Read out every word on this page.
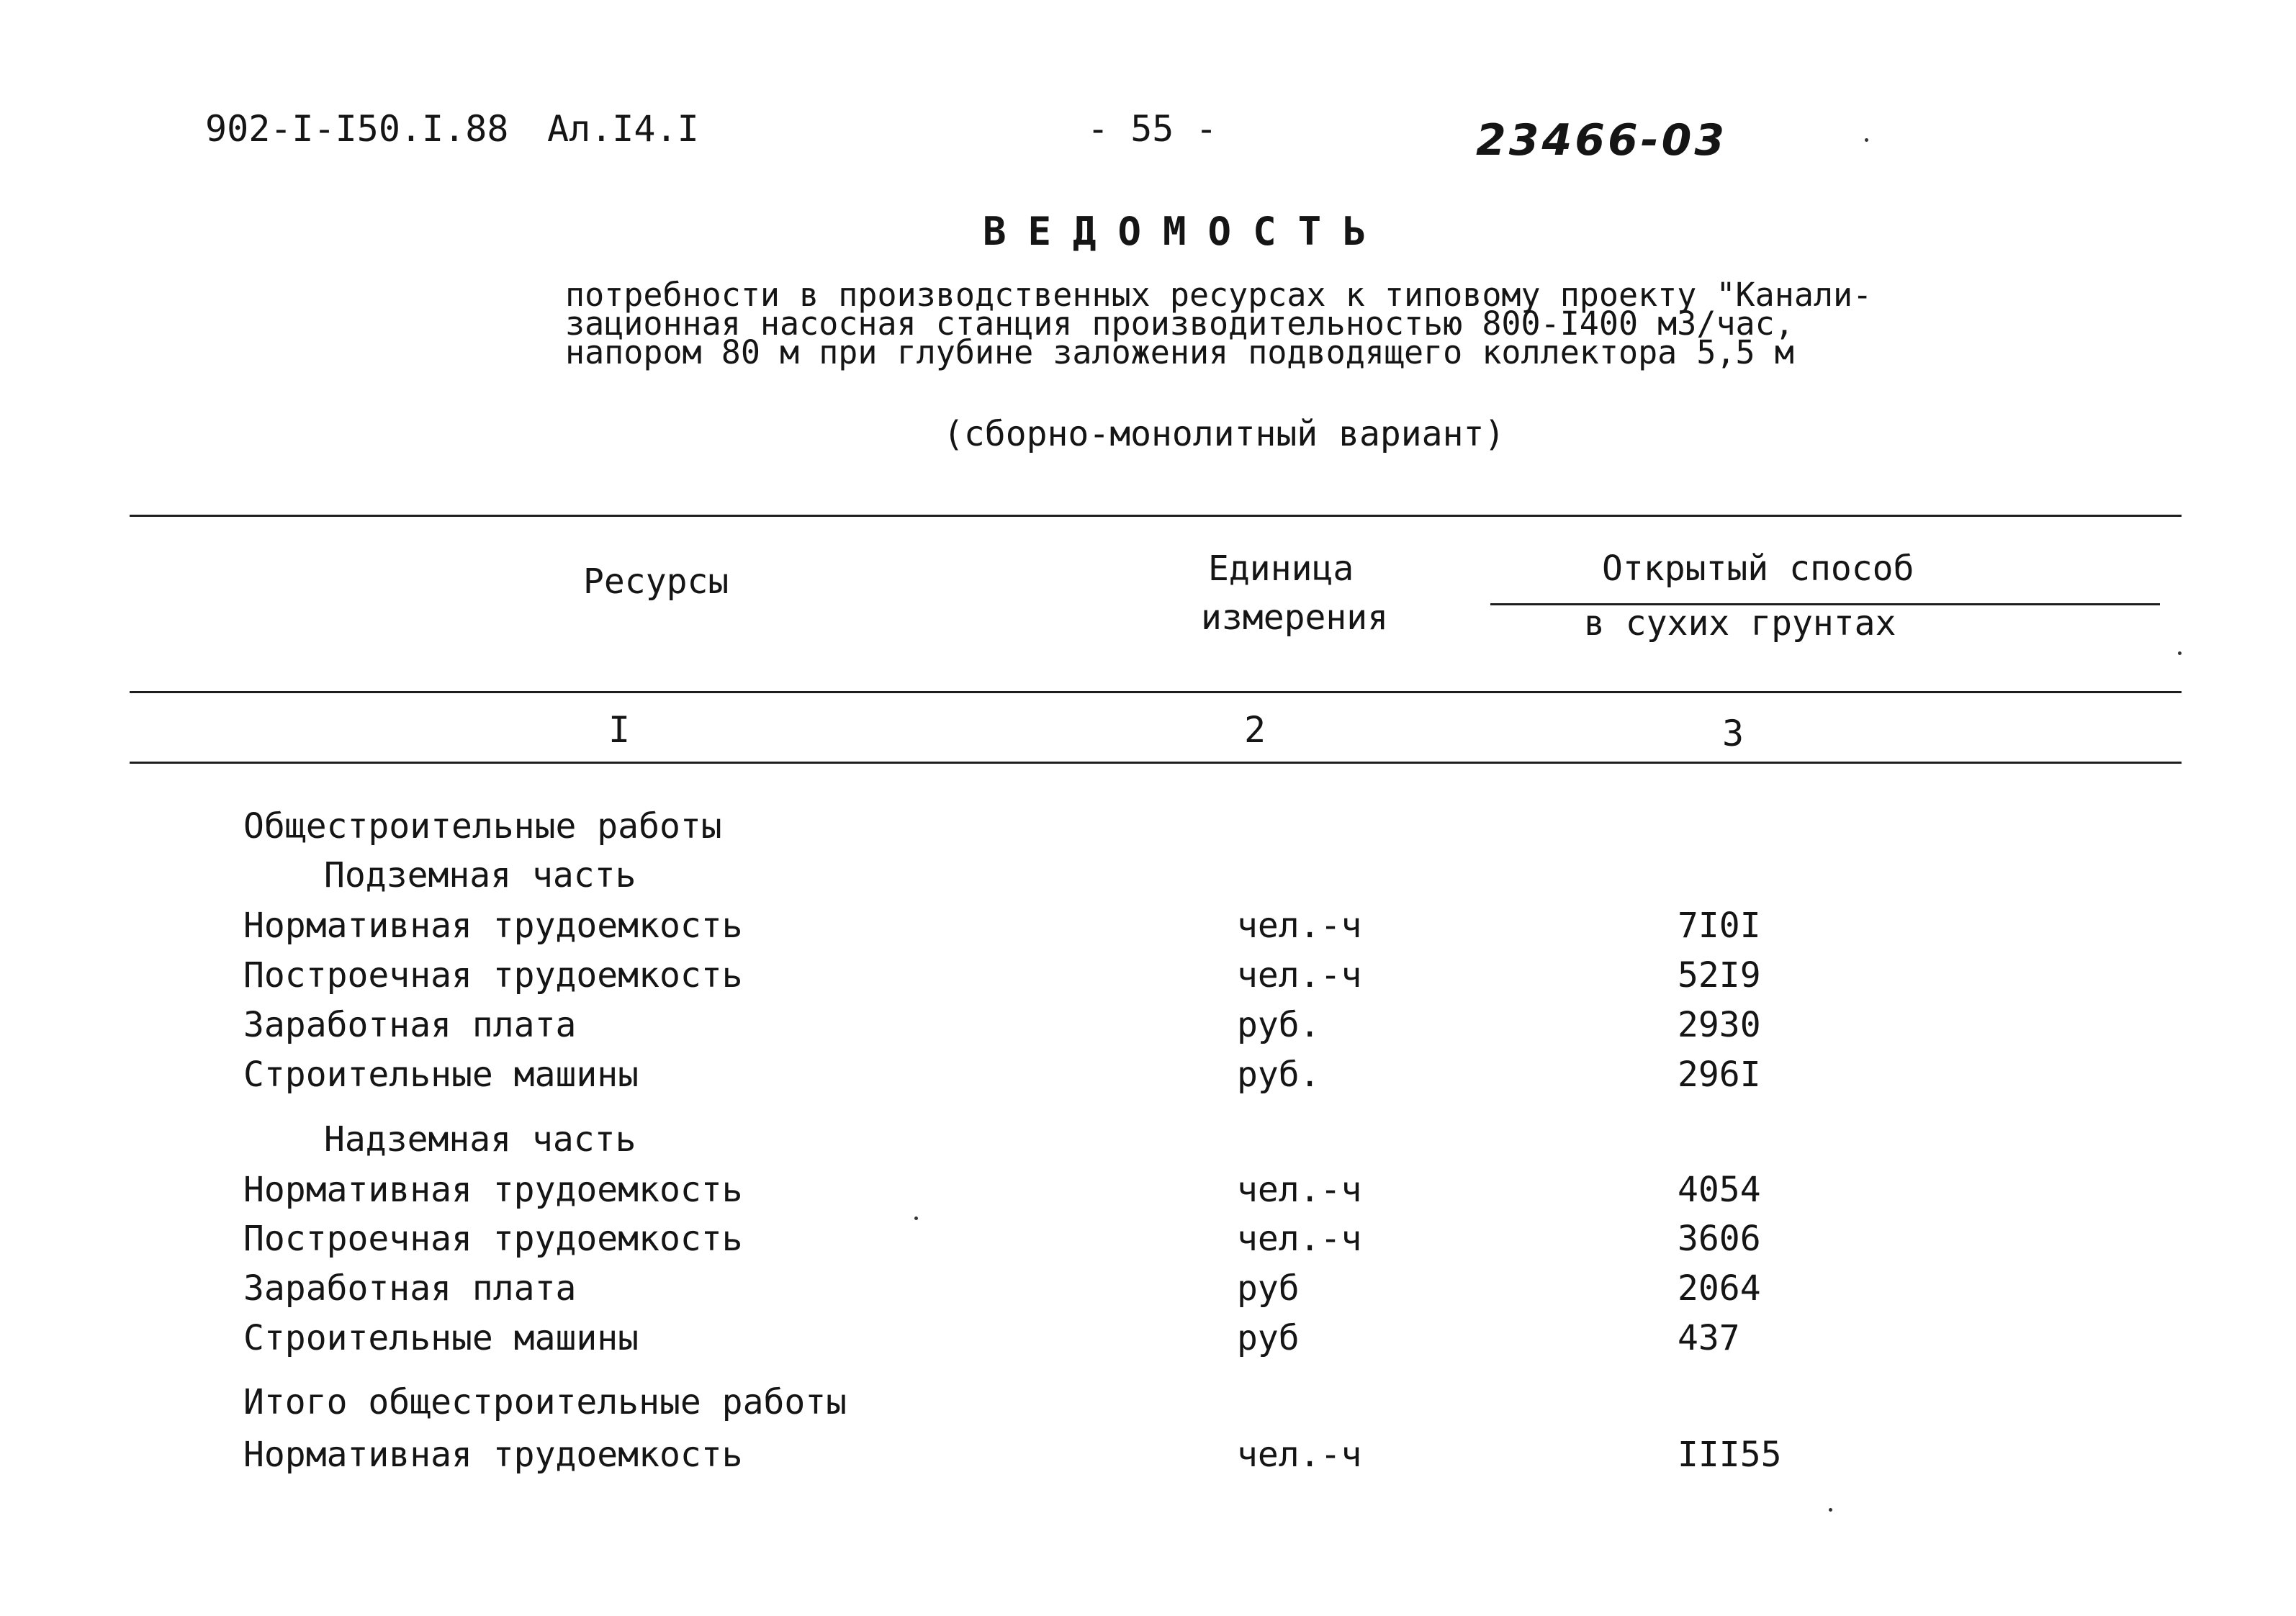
902-I-I50.I.88 Ал.I4.I	- 55 -	23466-03
ВЕДОМОСТЬ
потребности в производственных ресурсах к типовому проекту "Канали-
зационная насосная станция производительностью 800-I400 м3/час,
напором 80 м при глубине заложения подводящего коллектора 5,5 м
(сборно-монолитный вариант)
Ресурсы	Единица
измерения
Открытый способ
в сухих грунтах
I	2	3
Общестроительные работы
Подземная часть
Нормативная трудоемкость	чел.-ч	7I0I
Построечная трудоемкость	чел.-ч	52I9
Заработная плата	руб.	2930
Строительные машины	руб.	296I
Надземная часть
Нормативная трудоемкость	чел.-ч	4054
Построечная трудоемкость	чел.-ч	3606
Заработная плата	руб	2064
Строительные машины	руб	437
Итого общестроительные работы
Нормативная трудоемкость	чел.-ч	III55
